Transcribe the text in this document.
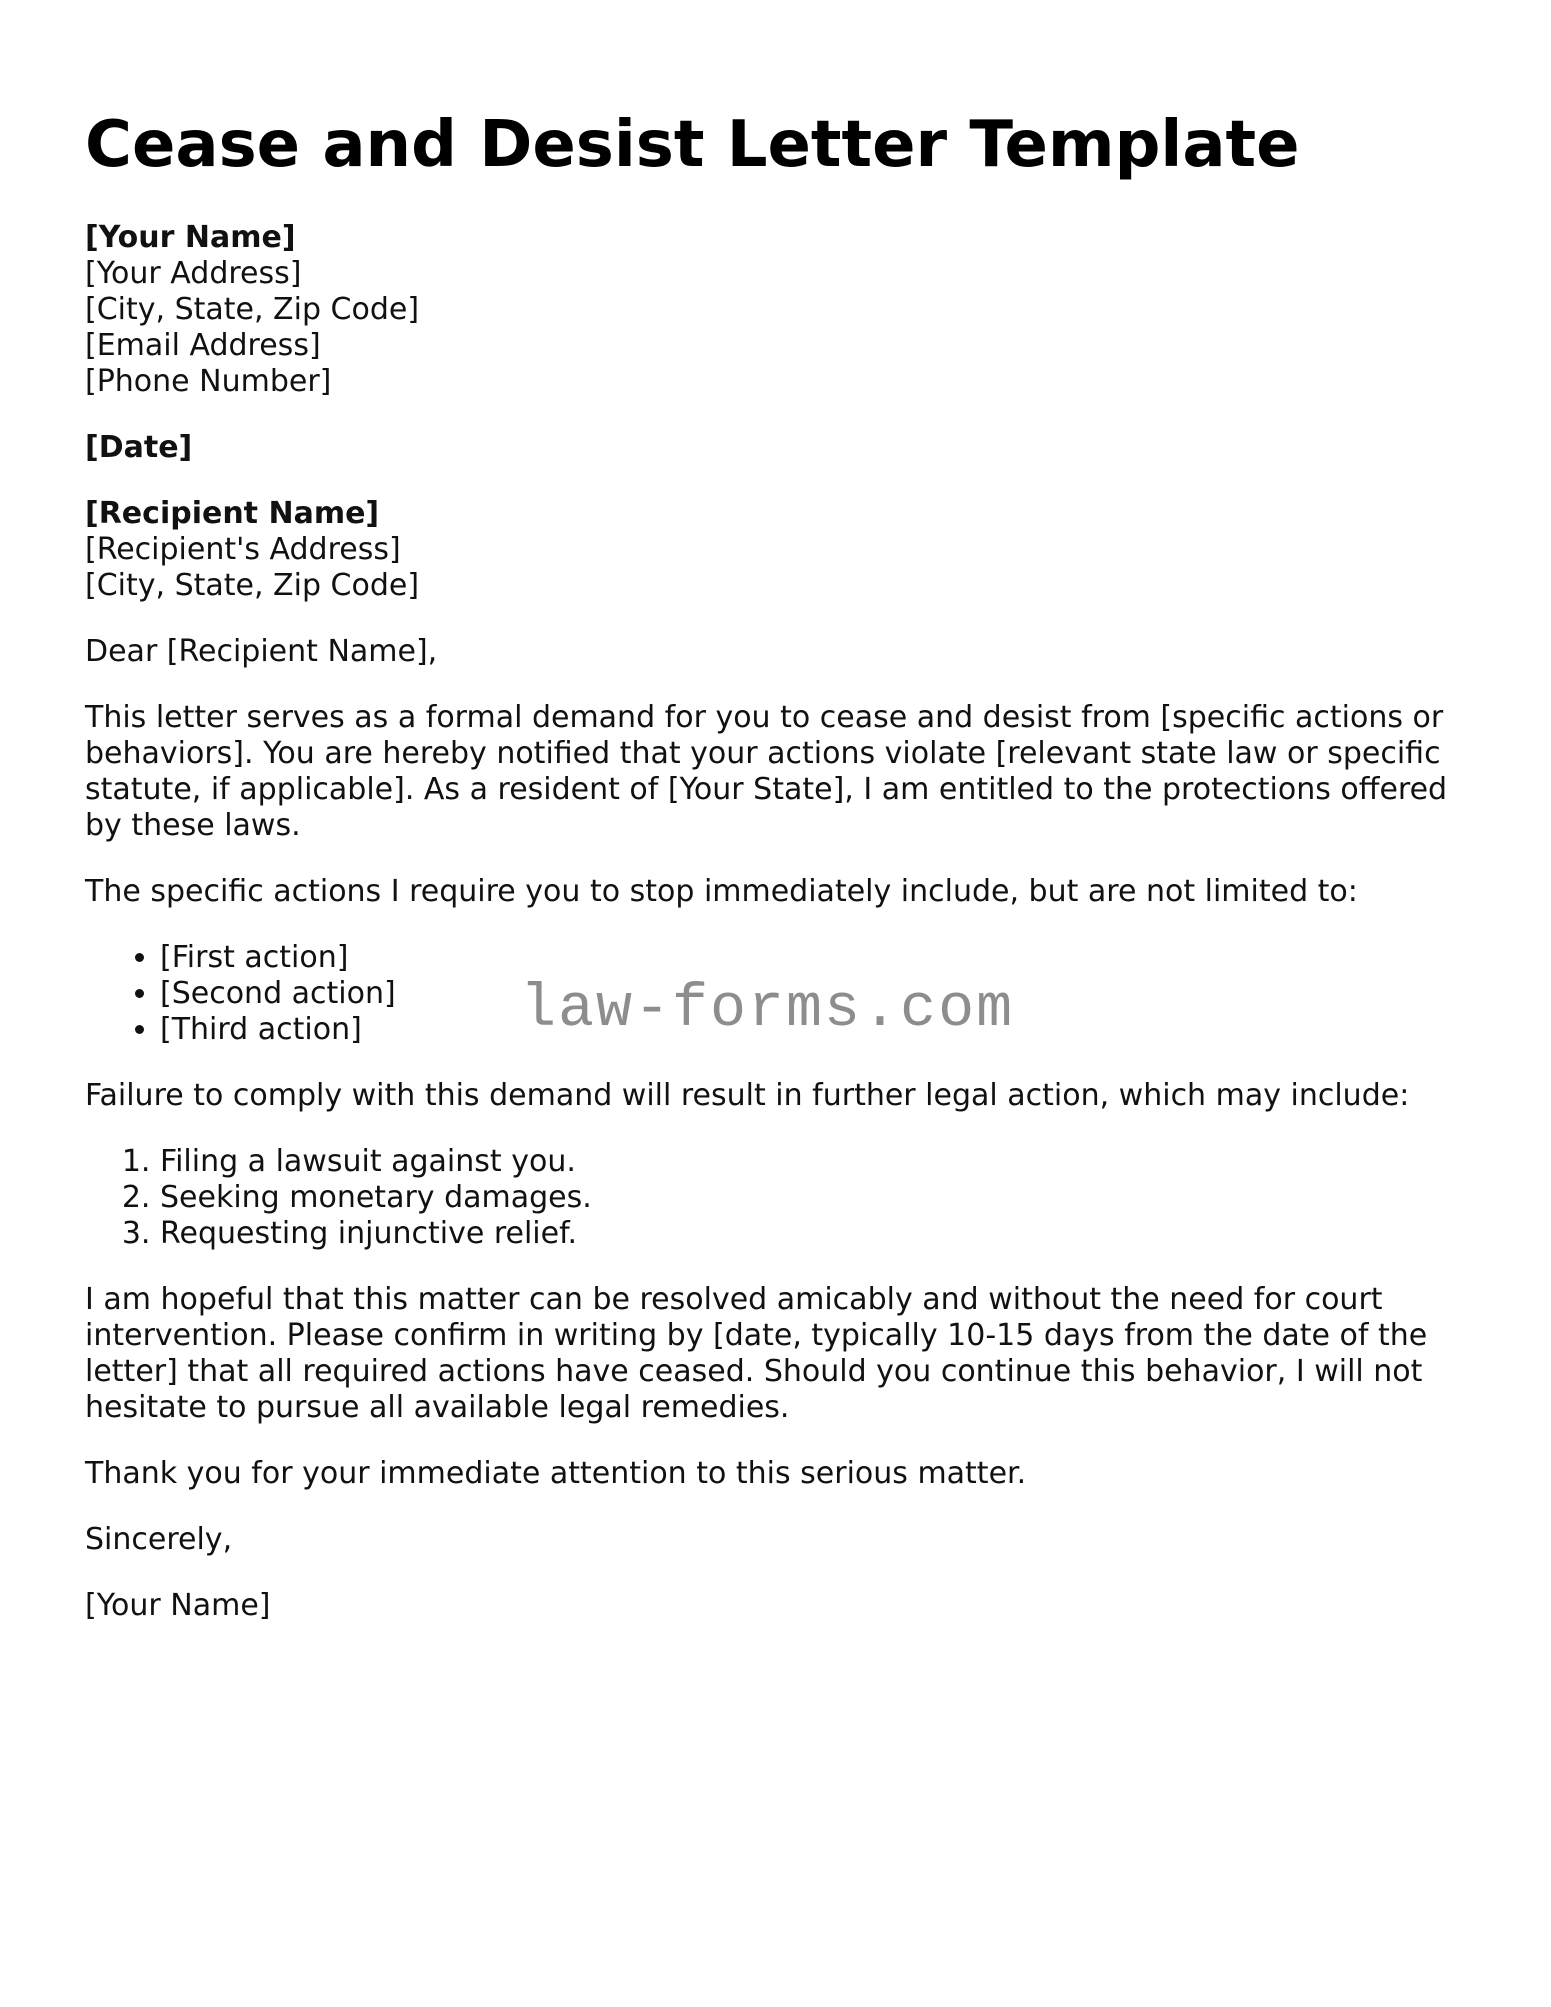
Cease and Desist Letter Template
[Your Name]
[Your Address]
[City, State, Zip Code]
[Email Address]
[Phone Number]
[Date]
[Recipient Name]
[Recipient's Address]
[City, State, Zip Code]

Dear [Recipient Name],

This letter serves as a formal demand for you to cease and desist from [specific actions or behaviors]. You are hereby notified that your actions violate [relevant state law or specific statute, if applicable]. As a resident of [Your State], I am entitled to the protections offered by these laws.

The specific actions I require you to stop immediately include, but are not limited to:

• [First action]
• [Second action]
• [Third action]

Failure to comply with this demand will result in further legal action, which may include:

1. Filing a lawsuit against you.
2. Seeking monetary damages.
3. Requesting injunctive relief.

I am hopeful that this matter can be resolved amicably and without the need for court intervention. Please confirm in writing by [date, typically 10-15 days from the date of the letter] that all required actions have ceased. Should you continue this behavior, I will not hesitate to pursue all available legal remedies.

Thank you for your immediate attention to this serious matter.

Sincerely,

[Your Name]

law-forms.com
